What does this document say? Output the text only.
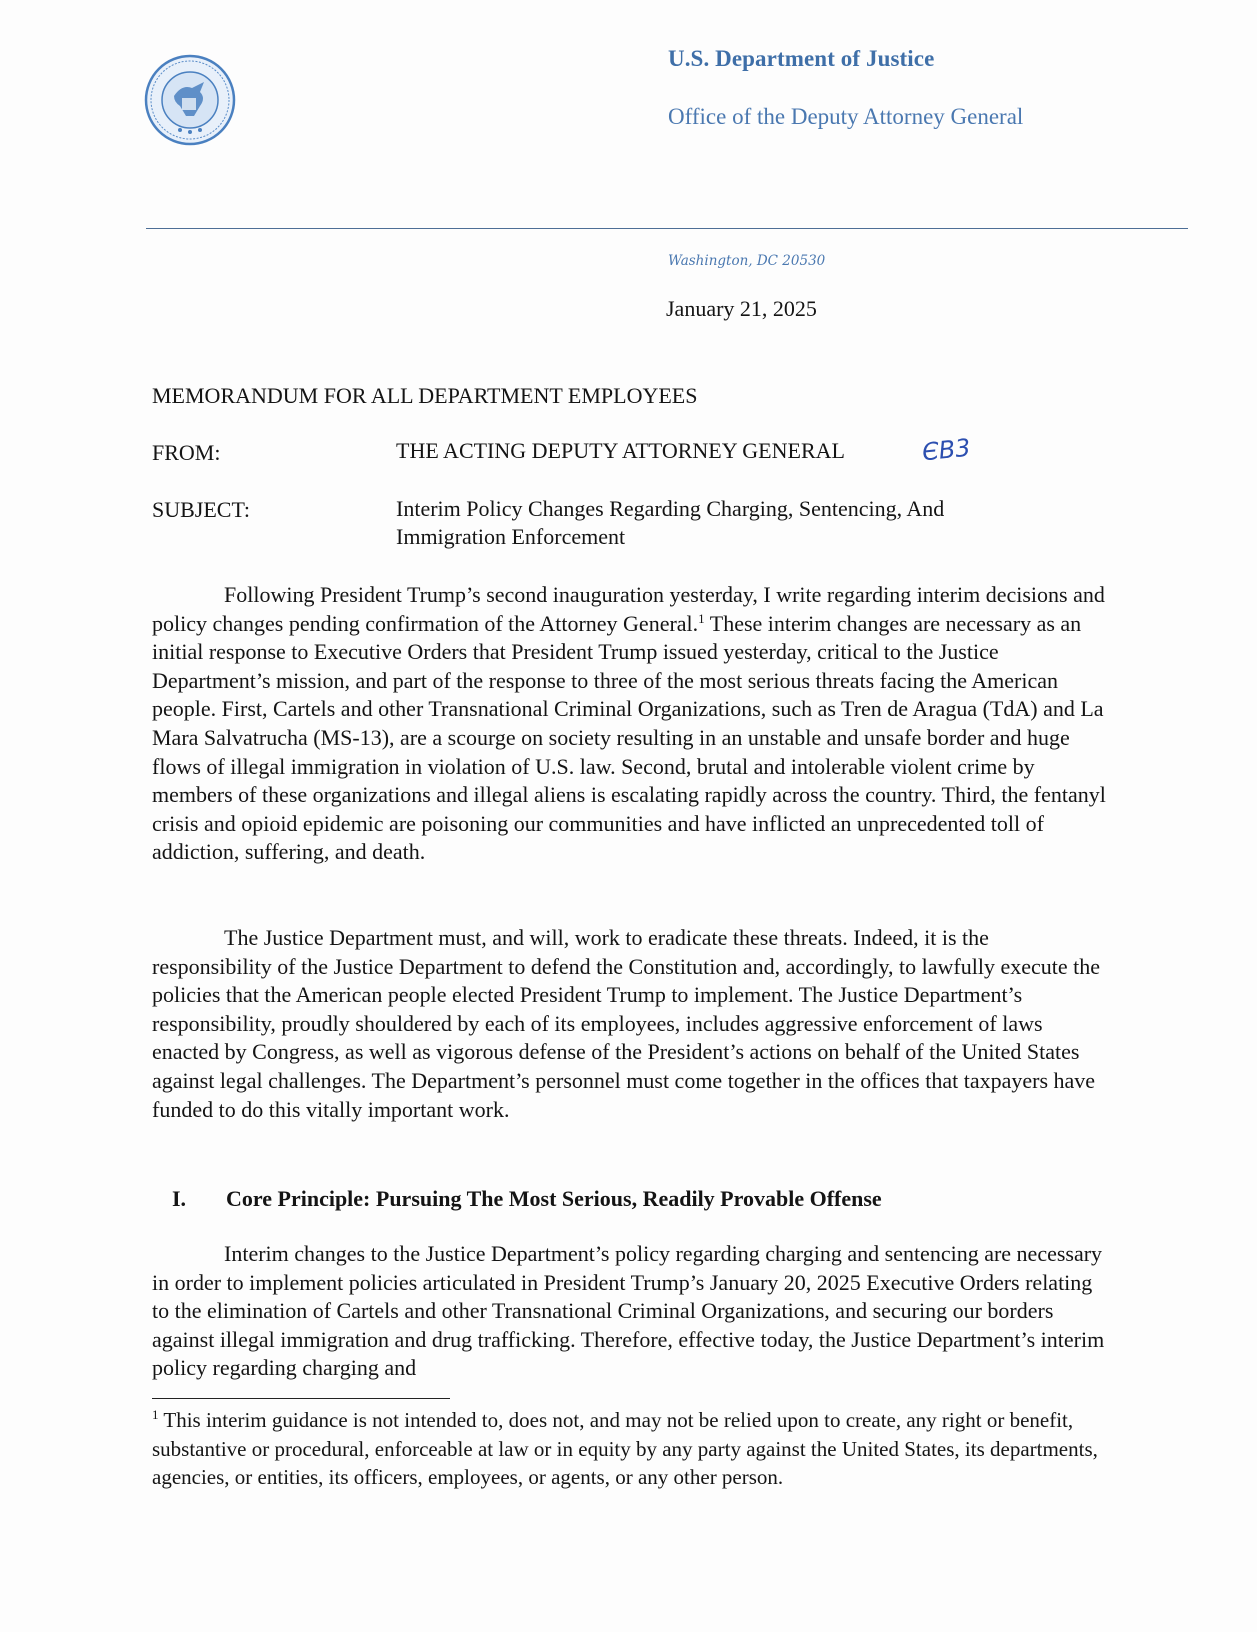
U.S. Department of Justice
Office of the Deputy Attorney General
Washington, DC 20530
January 21, 2025
MEMORANDUM FOR ALL DEPARTMENT EMPLOYEES
FROM:	THE ACTING DEPUTY ATTORNEY GENERAL	ЄB3
SUBJECT:	Interim Policy Changes Regarding Charging, Sentencing, And
Immigration Enforcement

Following President Trump’s second inauguration yesterday, I write regarding interim decisions and policy changes pending confirmation of the Attorney General.$^1$ These interim changes are necessary as an initial response to Executive Orders that President Trump issued yesterday, critical to the Justice Department’s mission, and part of the response to three of the most serious threats facing the American people. First, Cartels and other Transnational Criminal Organizations, such as Tren de Aragua (TdA) and La Mara Salvatrucha (MS-13), are a scourge on society resulting in an unstable and unsafe border and huge flows of illegal immigration in violation of U.S. law. Second, brutal and intolerable violent crime by members of these organizations and illegal aliens is escalating rapidly across the country. Third, the fentanyl crisis and opioid epidemic are poisoning our communities and have inflicted an unprecedented toll of addiction, suffering, and death.

The Justice Department must, and will, work to eradicate these threats. Indeed, it is the responsibility of the Justice Department to defend the Constitution and, accordingly, to lawfully execute the policies that the American people elected President Trump to implement. The Justice Department’s responsibility, proudly shouldered by each of its employees, includes aggressive enforcement of laws enacted by Congress, as well as vigorous defense of the President’s actions on behalf of the United States against legal challenges. The Department’s personnel must come together in the offices that taxpayers have funded to do this vitally important work.

I. Core Principle: Pursuing The Most Serious, Readily Provable Offense

Interim changes to the Justice Department’s policy regarding charging and sentencing are necessary in order to implement policies articulated in President Trump’s January 20, 2025 Executive Orders relating to the elimination of Cartels and other Transnational Criminal Organizations, and securing our borders against illegal immigration and drug trafficking. Therefore, effective today, the Justice Department’s interim policy regarding charging and

$^1$ This interim guidance is not intended to, does not, and may not be relied upon to create, any right or benefit, substantive or procedural, enforceable at law or in equity by any party against the United States, its departments, agencies, or entities, its officers, employees, or agents, or any other person.
